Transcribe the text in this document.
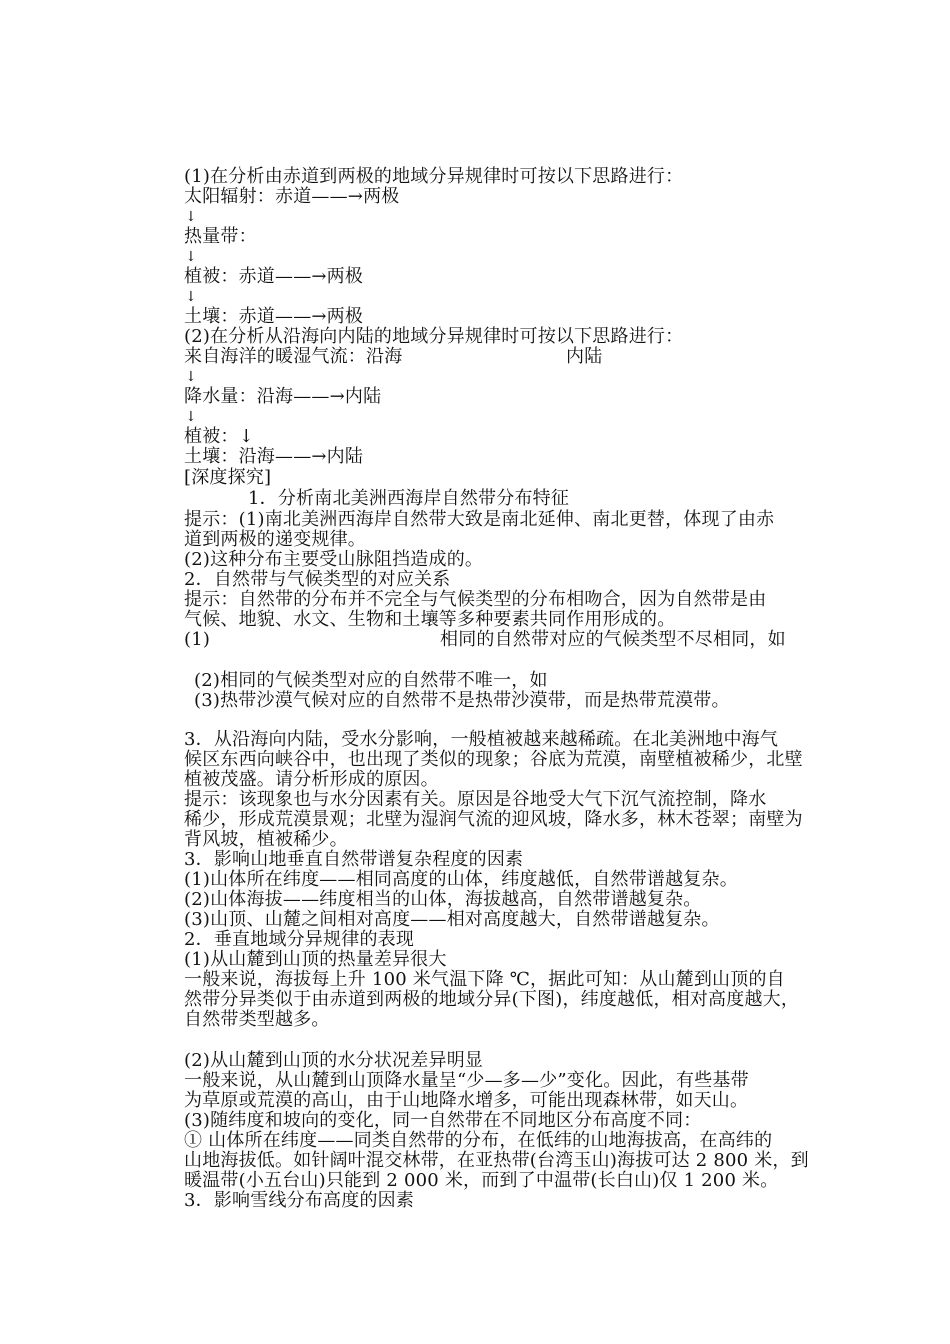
(1)在分析由赤道到两极的地域分异规律时可按以下思路进行：
太阳辐射：赤道——→两极
↓
热量带：
↓
植被：赤道——→两极
↓
土壤：赤道——→两极
(2)在分析从沿海向内陆的地域分异规律时可按以下思路进行：
来自海洋的暖湿气流：沿海	内陆
↓
降水量：沿海——→内陆
↓
植被：↓
土壤：沿海——→内陆
[深度探究]
1．分析南北美洲西海岸自然带分布特征
提示：(1)南北美洲西海岸自然带大致是南北延伸、南北更替，体现了由赤
道到两极的递变规律。
(2)这种分布主要受山脉阻挡造成的。
2．自然带与气候类型的对应关系
提示：自然带的分布并不完全与气候类型的分布相吻合，因为自然带是由
气候、地貌、水文、生物和土壤等多种要素共同作用形成的。
(1)	相同的自然带对应的气候类型不尽相同，如
(2)相同的气候类型对应的自然带不唯一，如
(3)热带沙漠气候对应的自然带不是热带沙漠带，而是热带荒漠带。
3．从沿海向内陆，受水分影响，一般植被越来越稀疏。在北美洲地中海气
候区东西向峡谷中，也出现了类似的现象；谷底为荒漠，南壁植被稀少，北壁
植被茂盛。请分析形成的原因。
提示：该现象也与水分因素有关。原因是谷地受大气下沉气流控制，降水
稀少，形成荒漠景观；北壁为湿润气流的迎风坡，降水多，林木苍翠；南壁为
背风坡，植被稀少。
3．影响山地垂直自然带谱复杂程度的因素
(1)山体所在纬度——相同高度的山体，纬度越低，自然带谱越复杂。
(2)山体海拔——纬度相当的山体，海拔越高，自然带谱越复杂。
(3)山顶、山麓之间相对高度——相对高度越大，自然带谱越复杂。
2．垂直地域分异规律的表现
(1)从山麓到山顶的热量差异很大
一般来说，海拔每上升 100 米气温下降 ℃，据此可知：从山麓到山顶的自
然带分异类似于由赤道到两极的地域分异(下图)，纬度越低，相对高度越大，
自然带类型越多。
(2)从山麓到山顶的水分状况差异明显
一般来说，从山麓到山顶降水量呈“少—多—少”变化。因此，有些基带
为草原或荒漠的高山，由于山地降水增多，可能出现森林带，如天山。
(3)随纬度和坡向的变化，同一自然带在不同地区分布高度不同：
① 山体所在纬度——同类自然带的分布，在低纬的山地海拔高，在高纬的
山地海拔低。如针阔叶混交林带，在亚热带(台湾玉山)海拔可达 2 800 米，到
暖温带(小五台山)只能到 2 000 米，而到了中温带(长白山)仅 1 200 米。
3．影响雪线分布高度的因素
